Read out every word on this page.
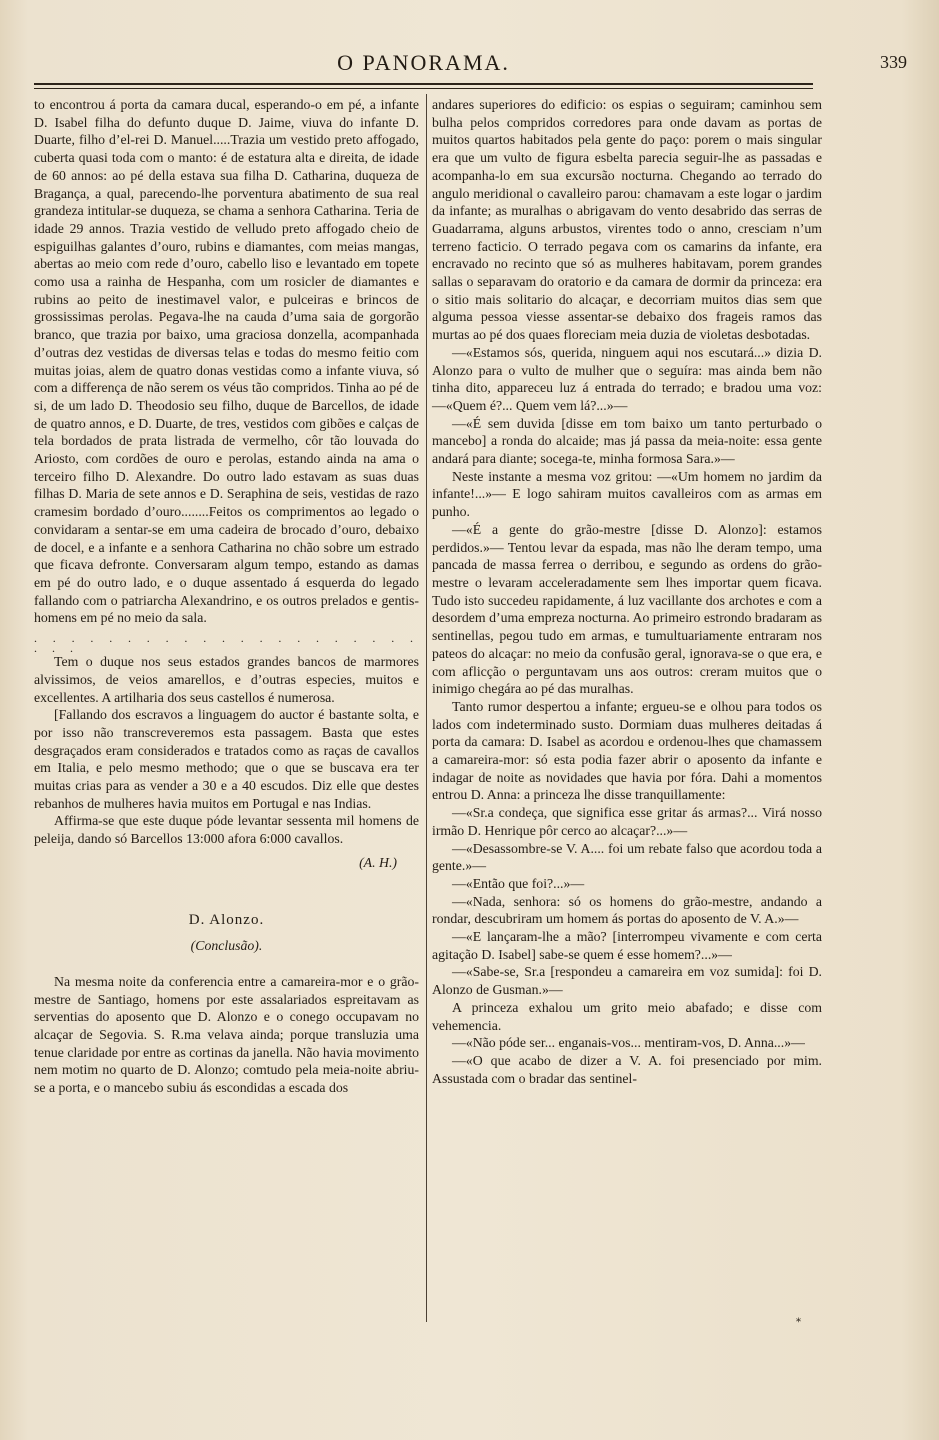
O PANORAMA.	339

to encontrou á porta da camara ducal, esperando-o em pé, a infante D. Isabel filha do defunto duque D. Jaime, viuva do infante D. Duarte, filho d’el-rei D. Manuel.....Trazia um vestido preto affogado, cuberta quasi toda com o manto: é de estatura alta e direita, de idade de 60 annos: ao pé della estava sua filha D. Catharina, duqueza de Bragança, a qual, parecendo-lhe porventura abatimento de sua real grandeza intitular-se duqueza, se chama a senhora Catharina. Teria de idade 29 annos. Trazia vestido de velludo preto affogado cheio de espiguilhas galantes d’ouro, rubins e diamantes, com meias mangas, abertas ao meio com rede d’ouro, cabello liso e levantado em topete como usa a rainha de Hespanha, com um rosicler de diamantes e rubins ao peito de inestimavel valor, e pulceiras e brincos de grossissimas perolas. Pegava-lhe na cauda d’uma saia de gorgorão branco, que trazia por baixo, uma graciosa donzella, acompanhada d’outras dez vestidas de diversas telas e todas do mesmo feitio com muitas joias, alem de quatro donas vestidas como a infante viuva, só com a differença de não serem os véus tão compridos. Tinha ao pé de si, de um lado D. Theodosio seu filho, duque de Barcellos, de idade de quatro annos, e D. Duarte, de tres, vestidos com gibões e calças de tela bordados de prata listrada de vermelho, côr tão louvada do Ariosto, com cordões de ouro e perolas, estando ainda na ama o terceiro filho D. Alexandre. Do outro lado estavam as suas duas filhas D. Maria de sete annos e D. Seraphina de seis, vestidas de razo cramesim bordado d’ouro........Feitos os comprimentos ao legado o convidaram a sentar-se em uma cadeira de brocado d’ouro, debaixo de docel, e a infante e a senhora Catharina no chão sobre um estrado que ficava defronte. Conversaram algum tempo, estando as damas em pé do outro lado, e o duque assentado á esquerda do legado fallando com o patriarcha Alexandrino, e os outros prelados e gentis-homens em pé no meio da sala.

. . . . . . . . . . . . . . . . . . . . . . . .

Tem o duque nos seus estados grandes bancos de marmores alvissimos, de veios amarellos, e d’outras especies, muitos e excellentes. A artilharia dos seus castellos é numerosa.

[Fallando dos escravos a linguagem do auctor é bastante solta, e por isso não transcreveremos esta passagem. Basta que estes desgraçados eram considerados e tratados como as raças de cavallos em Italia, e pelo mesmo methodo; que o que se buscava era ter muitas crias para as vender a 30 e a 40 escudos. Diz elle que destes rebanhos de mulheres havia muitos em Portugal e nas Indias.

Affirma-se que este duque póde levantar sessenta mil homens de peleija, dando só Barcellos 13:000 afora 6:000 cavallos.

(A. H.)
D. Alonzo.
(Conclusão).

Na mesma noite da conferencia entre a camareira-mor e o grão-mestre de Santiago, homens por este assalariados espreitavam as serventias do aposento que D. Alonzo e o conego occupavam no alcaçar de Segovia. S. R.ma velava ainda; porque transluzia uma tenue claridade por entre as cortinas da janella. Não havia movimento nem motim no quarto de D. Alonzo; comtudo pela meia-noite abriu-se a porta, e o mancebo subiu ás escondidas a escada dos

andares superiores do edificio: os espias o seguiram; caminhou sem bulha pelos compridos corredores para onde davam as portas de muitos quartos habitados pela gente do paço: porem o mais singular era que um vulto de figura esbelta parecia seguir-lhe as passadas e acompanha-lo em sua excursão nocturna. Chegando ao terrado do angulo meridional o cavalleiro parou: chamavam a este logar o jardim da infante; as muralhas o abrigavam do vento desabrido das serras de Guadarrama, alguns arbustos, virentes todo o anno, cresciam n’um terreno facticio. O terrado pegava com os camarins da infante, era encravado no recinto que só as mulheres habitavam, porem grandes sallas o separavam do oratorio e da camara de dormir da princeza: era o sitio mais solitario do alcaçar, e decorriam muitos dias sem que alguma pessoa viesse assentar-se debaixo dos frageis ramos das murtas ao pé dos quaes floreciam meia duzia de violetas desbotadas.

—«Estamos sós, querida, ninguem aqui nos escutará...» dizia D. Alonzo para o vulto de mulher que o seguíra: mas ainda bem não tinha dito, appareceu luz á entrada do terrado; e bradou uma voz: —«Quem é?... Quem vem lá?...»—

—«É sem duvida [disse em tom baixo um tanto perturbado o mancebo] a ronda do alcaide; mas já passa da meia-noite: essa gente andará para diante; socega-te, minha formosa Sara.»—

Neste instante a mesma voz gritou: —«Um homem no jardim da infante!...»— E logo sahiram muitos cavalleiros com as armas em punho.

—«É a gente do grão-mestre [disse D. Alonzo]: estamos perdidos.»— Tentou levar da espada, mas não lhe deram tempo, uma pancada de massa ferrea o derribou, e segundo as ordens do grão-mestre o levaram acceleradamente sem lhes importar quem ficava. Tudo isto succedeu rapidamente, á luz vacillante dos archotes e com a desordem d’uma empreza nocturna. Ao primeiro estrondo bradaram as sentinellas, pegou tudo em armas, e tumultuariamente entraram nos pateos do alcaçar: no meio da confusão geral, ignorava-se o que era, e com aflicção o perguntavam uns aos outros: creram muitos que o inimigo chegára ao pé das muralhas.

Tanto rumor despertou a infante; ergueu-se e olhou para todos os lados com indeterminado susto. Dormiam duas mulheres deitadas á porta da camara: D. Isabel as acordou e ordenou-lhes que chamassem a camareira-mor: só esta podia fazer abrir o aposento da infante e indagar de noite as novidades que havia por fóra. Dahi a momentos entrou D. Anna: a princeza lhe disse tranquillamente:

—«Sr.a condeça, que significa esse gritar ás armas?... Virá nosso irmão D. Henrique pôr cerco ao alcaçar?...»—

—«Desassombre-se V. A.... foi um rebate falso que acordou toda a gente.»—

—«Então que foi?...»—

—«Nada, senhora: só os homens do grão-mestre, andando a rondar, descubriram um homem ás portas do aposento de V. A.»—

—«E lançaram-lhe a mão? [interrompeu vivamente e com certa agitação D. Isabel] sabe-se quem é esse homem?...»—

—«Sabe-se, Sr.a [respondeu a camareira em voz sumida]: foi D. Alonzo de Gusman.»—

A princeza exhalou um grito meio abafado; e disse com vehemencia.

—«Não póde ser... enganais-vos... mentiram-vos, D. Anna...»—

—«O que acabo de dizer a V. A. foi presenciado por mim. Assustada com o bradar das sentinel-

*
